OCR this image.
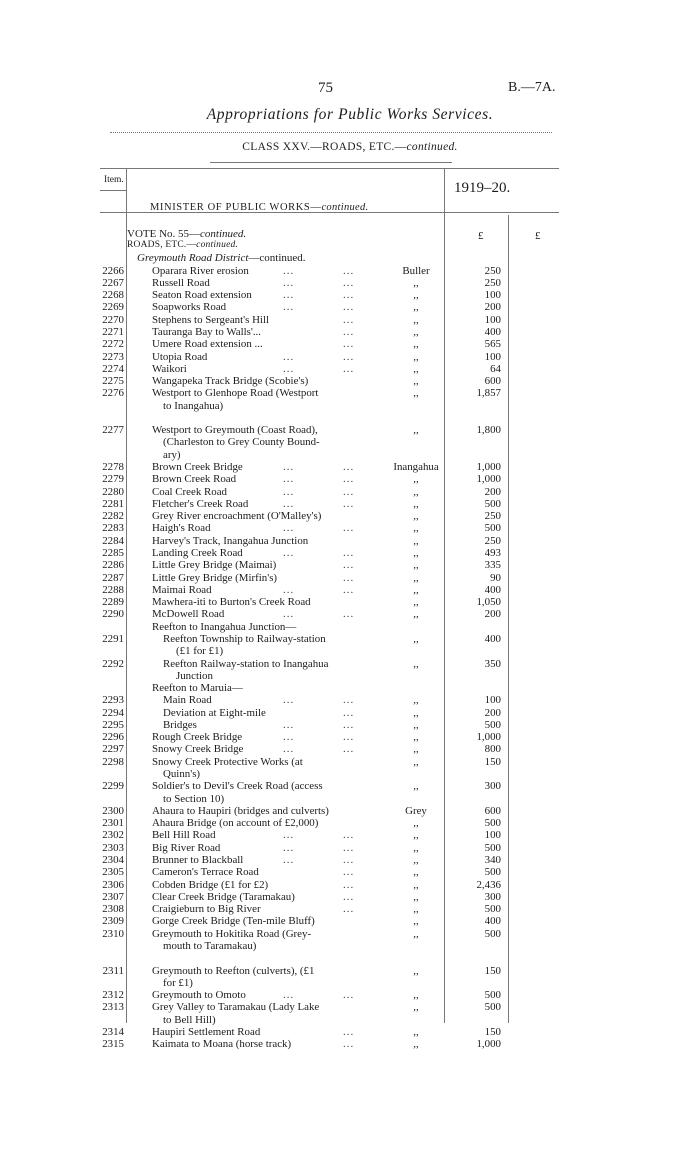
75	B.—7A.
Appropriations for Public Works Services.
CLASS XXV.—ROADS, ETC.—continued.
Item.	1919–20.
MINISTER OF PUBLIC WORKS—continued.
VOTE No. 55—continued.
ROADS, ETC.—continued.
Greymouth Road District—continued.
£	£
2266	Oparara River erosion	...	...	Buller	250
2267	Russell Road	...	...	,,	250
2268	Seaton Road extension	...	...	,,	100
2269	Soapworks Road	...	...	,,	200
2270	Stephens to Sergeant's Hill	...	,,	100
2271	Tauranga Bay to Walls'...	...	,,	400
2272	Umere Road extension ...	...	,,	565
2273	Utopia Road	...	...	,,	100
2274	Waikori	...	...	,,	64
2275	Wangapeka Track Bridge (Scobie's)	,,	600
2276	Westport to Glenhope Road (Westport	,,	1,857
to Inangahua)
2277	Westport to Greymouth (Coast Road),	,,	1,800
(Charleston to Grey County Bound-
ary)
2278	Brown Creek Bridge	...	...	Inangahua	1,000
2279	Brown Creek Road	...	...	,,	1,000
2280	Coal Creek Road	...	...	,,	200
2281	Fletcher's Creek Road	...	...	,,	500
2282	Grey River encroachment (O'Malley's)	,,	250
2283	Haigh's Road	...	...	,,	500
2284	Harvey's Track, Inangahua Junction	,,	250
2285	Landing Creek Road	...	...	,,	493
2286	Little Grey Bridge (Maimai)	...	,,	335
2287	Little Grey Bridge (Mirfin's)	...	,,	90
2288	Maimai Road	...	...	,,	400
2289	Mawhera-iti to Burton's Creek Road	,,	1,050
2290	McDowell Road	...	...	,,	200
Reefton to Inangahua Junction—
2291	Reefton Township to Railway-station	,,	400
(£1 for £1)
2292	Reefton Railway-station to Inangahua	,,	350
Junction
Reefton to Maruia—
2293	Main Road	...	...	,,	100
2294	Deviation at Eight-mile	...	,,	200
2295	Bridges	...	...	,,	500
2296	Rough Creek Bridge	...	...	,,	1,000
2297	Snowy Creek Bridge	...	...	,,	800
2298	Snowy Creek Protective Works (at	,,	150
Quinn's)
2299	Soldier's to Devil's Creek Road (access	,,	300
to Section 10)
2300	Ahaura to Haupiri (bridges and culverts)	Grey	600
2301	Ahaura Bridge (on account of £2,000)	,,	500
2302	Bell Hill Road	...	...	,,	100
2303	Big River Road	...	...	,,	500
2304	Brunner to Blackball	...	...	,,	340
2305	Cameron's Terrace Road	...	,,	500
2306	Cobden Bridge (£1 for £2)	...	,,	2,436
2307	Clear Creek Bridge (Taramakau)	...	,,	300
2308	Craigieburn to Big River	...	,,	500
2309	Gorge Creek Bridge (Ten-mile Bluff)	,,	400
2310	Greymouth to Hokitika Road (Grey-	,,	500
mouth to Taramakau)
2311	Greymouth to Reefton (culverts), (£1	,,	150
for £1)
2312	Greymouth to Omoto	...	...	,,	500
2313	Grey Valley to Taramakau (Lady Lake	,,	500
to Bell Hill)
2314	Haupiri Settlement Road	...	,,	150
2315	Kaimata to Moana (horse track)	...	,,	1,000
